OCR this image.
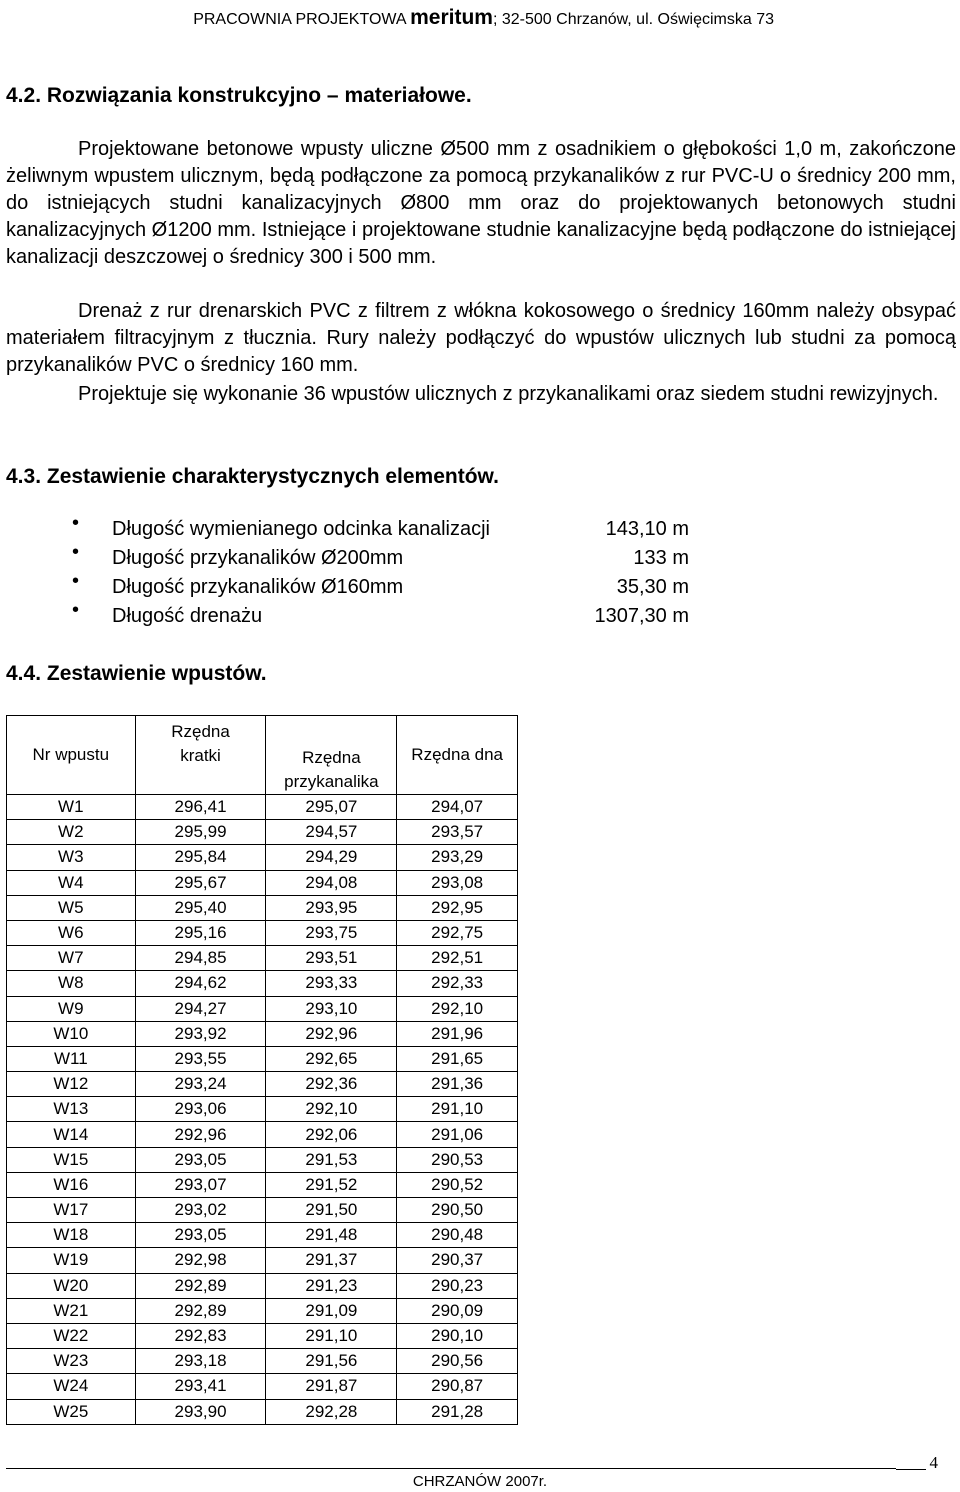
PRACOWNIA PROJEKTOWA meritum; 32-500 Chrzanów, ul. Oświęcimska 73
4.2. Rozwiązania konstrukcyjno – materiałowe.
Projektowane betonowe wpusty uliczne Ø500 mm z osadnikiem o głębokości 1,0 m, zakończone żeliwnym wpustem ulicznym, będą podłączone za pomocą przykanalików z rur PVC-U o średnicy 200 mm, do istniejących studni kanalizacyjnych Ø800 mm oraz do projektowanych betonowych studni kanalizacyjnych Ø1200 mm. Istniejące i projektowane studnie kanalizacyjne będą podłączone do istniejącej kanalizacji deszczowej o średnicy 300 i 500 mm.
Drenaż z rur drenarskich PVC z filtrem z włókna kokosowego o średnicy 160mm należy obsypać materiałem filtracyjnym z tłucznia. Rury należy podłączyć do wpustów ulicznych lub studni za pomocą przykanalików PVC o średnicy 160 mm.
Projektuje się wykonanie 36 wpustów ulicznych z przykanalikami oraz siedem studni rewizyjnych.
4.3. Zestawienie charakterystycznych elementów.
• Długość wymienianego odcinka kanalizacji	143,10 m
• Długość przykanalików Ø200mm	133 m
• Długość przykanalików Ø160mm	35,30 m
• Długość drenażu	1307,30 m
4.4. Zestawienie wpustów.
Nr wpustu	Rzędna kratki	Rzędna przykanalika	Rzędna dna
W1	296,41	295,07	294,07
W2	295,99	294,57	293,57
W3	295,84	294,29	293,29
W4	295,67	294,08	293,08
W5	295,40	293,95	292,95
W6	295,16	293,75	292,75
W7	294,85	293,51	292,51
W8	294,62	293,33	292,33
W9	294,27	293,10	292,10
W10	293,92	292,96	291,96
W11	293,55	292,65	291,65
W12	293,24	292,36	291,36
W13	293,06	292,10	291,10
W14	292,96	292,06	291,06
W15	293,05	291,53	290,53
W16	293,07	291,52	290,52
W17	293,02	291,50	290,50
W18	293,05	291,48	290,48
W19	292,98	291,37	290,37
W20	292,89	291,23	290,23
W21	292,89	291,09	290,09
W22	292,83	291,10	290,10
W23	293,18	291,56	290,56
W24	293,41	291,87	290,87
W25	293,90	292,28	291,28
4
CHRZANÓW 2007r.
